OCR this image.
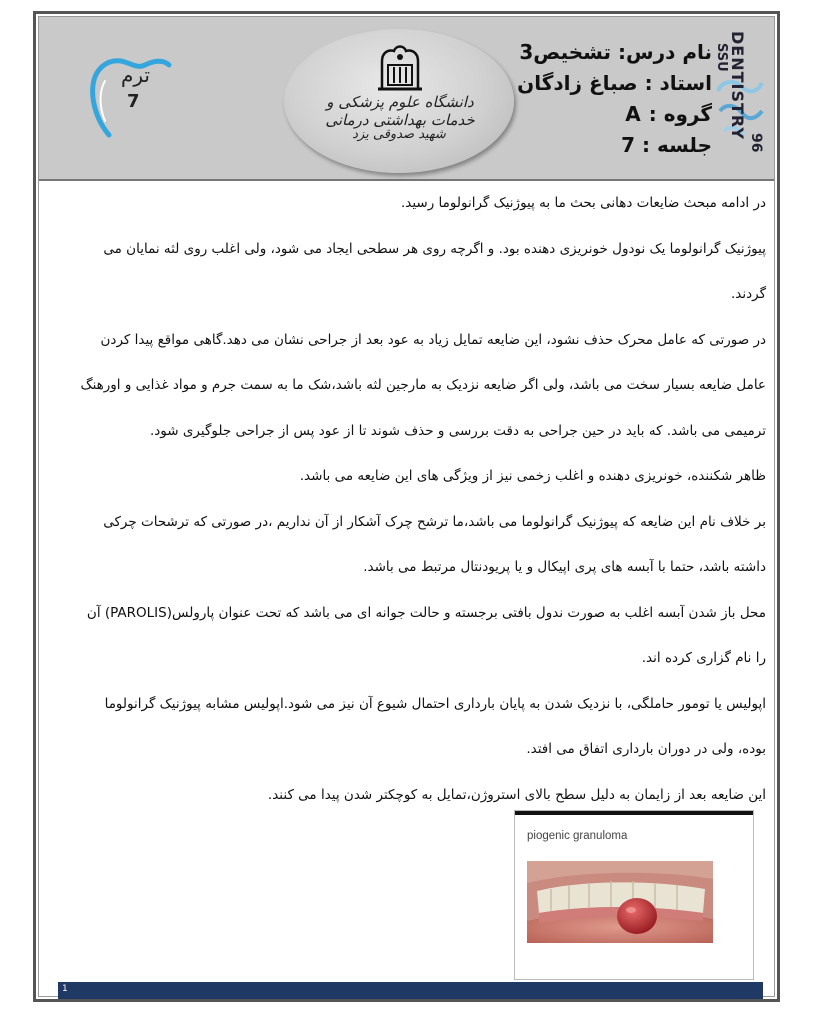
ترم
7	دانشگاه علوم پزشکی و خدمات بهداشتی درمانی
شهید صدوقی یزد
نام درس: تشخیص3
استاد : صباغ زادگان
گروه : A
جلسه : 7
DENTISTRY
96
SSU

در ادامه مبحث ضایعات دهانی بحث ما به پیوژنیک گرانولوما رسید.

پیوژنیک گرانولوما یک نودول خونریزی دهنده بود. و اگرچه روی هر سطحی ایجاد می شود، ولی اغلب روی لثه نمایان می گردند.

در صورتی که عامل محرک حذف نشود، این ضایعه تمایل زیاد به عود بعد از جراحی نشان می دهد.گاهی مواقع پیدا کردن عامل ضایعه بسیار سخت می باشد، ولی اگر ضایعه نزدیک به مارجین لثه باشد،شک ما به سمت جرم و مواد غذایی و اورهنگ ترمیمی می باشد. که باید در حین جراحی به دقت بررسی و حذف شوند تا از عود پس از جراحی جلوگیری شود.

ظاهر شکننده، خونریزی دهنده و اغلب زخمی نیز از ویژگی های این ضایعه می باشد.

بر خلاف نام این ضایعه که پیوژنیک گرانولوما می باشد،ما ترشح چرک آشکار از آن نداریم ،در صورتی که ترشحات چرکی داشته باشد، حتما با آبسه های پری اپیکال و یا پریودنتال مرتبط می باشد.

محل باز شدن آبسه اغلب به صورت ندول بافتی برجسته و حالت جوانه ای می باشد که تحت عنوان پارولس(PAROLIS) آن را نام گزاری کرده اند.

اپولیس یا تومور حاملگی، با نزدیک شدن به پایان بارداری احتمال شیوع آن نیز می شود.اپولیس مشابه پیوژنیک گرانولوما بوده، ولی در دوران بارداری اتفاق می افتد.

این ضایعه بعد از زایمان به دلیل سطح بالای استروژن،تمایل به کوچکتر شدن پیدا می کنند.

piogenic granuloma
1
